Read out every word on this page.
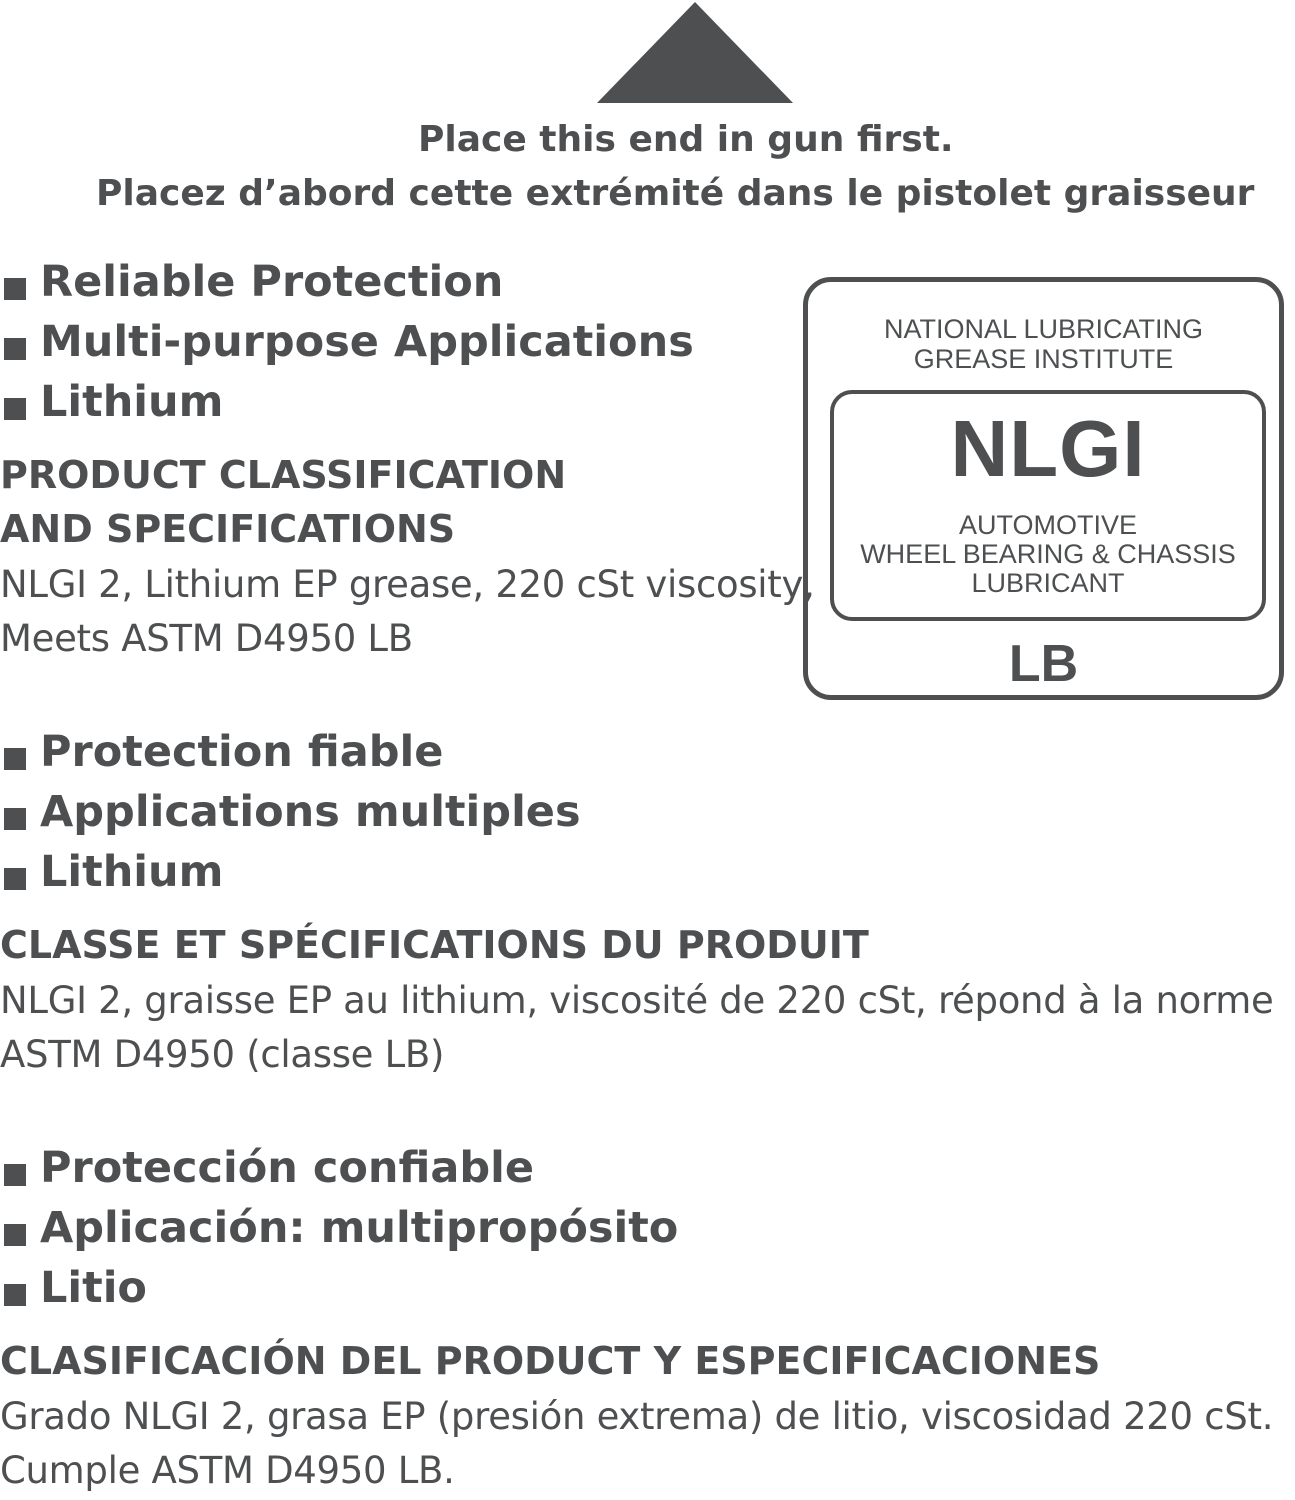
Place this end in gun first.
Placez d’abord cette extrémité dans le pistolet graisseur
Reliable Protection
Multi-purpose Applications
Lithium

PRODUCT CLASSIFICATION

AND SPECIFICATIONS

NLGI 2, Lithium EP grease, 220 cSt viscosity,

Meets ASTM D4950 LB

Protection fiable
Applications multiples
Lithium

CLASSE ET SPÉCIFICATIONS DU PRODUIT

NLGI 2, graisse EP au lithium, viscosité de 220 cSt, répond à la norme

ASTM D4950 (classe LB)

Protección confiable
Aplicación: multipropósito
Litio

CLASIFICACIÓN DEL PRODUCT Y ESPECIFICACIONES

Grado NLGI 2, grasa EP (presión extrema) de litio, viscosidad 220 cSt.

Cumple ASTM D4950 LB.

NATIONAL LUBRICATING
GREASE INSTITUTE
NLGI
AUTOMOTIVE
WHEEL BEARING & CHASSIS
LUBRICANT
LB
